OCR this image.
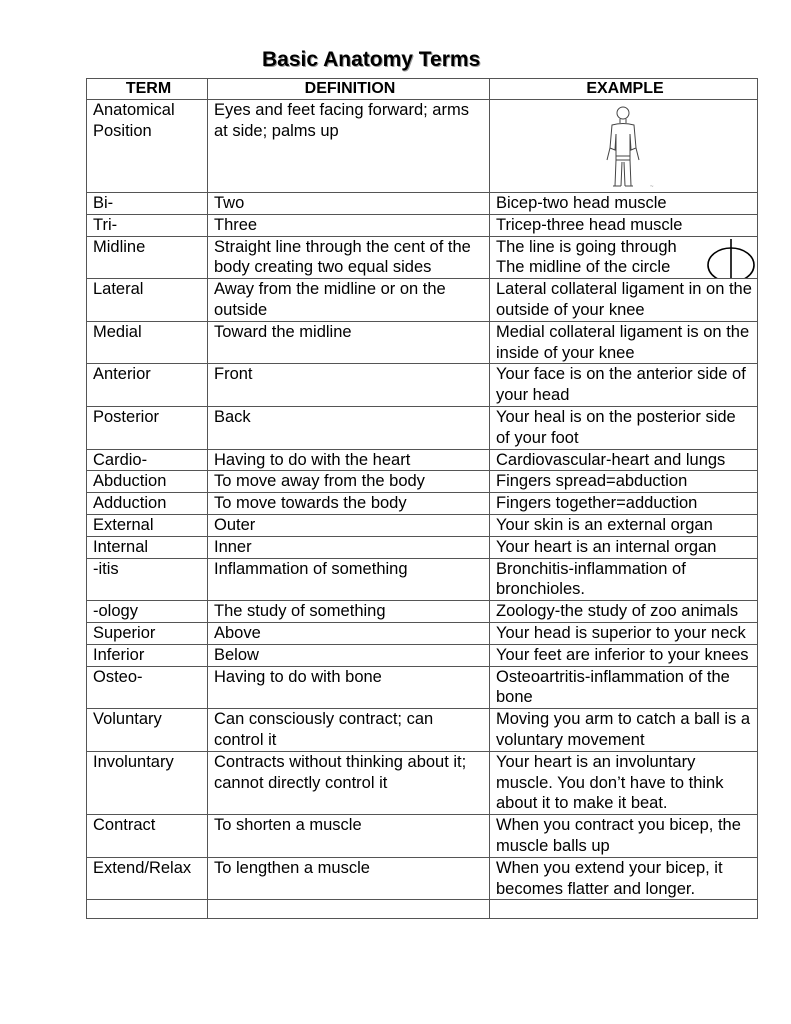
Basic Anatomy Terms
TERM	DEFINITION	EXAMPLE
Anatomical Position	Eyes and feet facing forward; arms at side; palms up	~

Bi-	Two	Bicep-two head muscle
Tri-	Three	Tricep-three head muscle
Midline	Straight line through the cent of the body creating two equal sides	The line is going through The midline of the circle

Lateral	Away from the midline or on the outside	Lateral collateral ligament in on the outside of your knee
Medial	Toward the midline	Medial collateral ligament is on the inside of your knee
Anterior	Front	Your face is on the anterior side of your head
Posterior	Back	Your heal is on the posterior side of your foot
Cardio-	Having to do with the heart	Cardiovascular-heart and lungs
Abduction	To move away from the body	Fingers spread=abduction
Adduction	To move towards the body	Fingers together=adduction
External	Outer	Your skin is an external organ
Internal	Inner	Your heart is an internal organ
-itis	Inflammation of something	Bronchitis-inflammation of bronchioles.
-ology	The study of something	Zoology-the study of zoo animals
Superior	Above	Your head is superior to your neck
Inferior	Below	Your feet are inferior to your knees
Osteo-	Having to do with bone	Osteoartritis-inflammation of the bone
Voluntary	Can consciously contract; can control it	Moving you arm to catch a ball is a voluntary movement
Involuntary	Contracts without thinking about it; cannot directly control it	Your heart is an involuntary muscle. You don’t have to think about it to make it beat.
Contract	To shorten a muscle	When you contract you bicep, the muscle balls up
Extend/Relax	To lengthen a muscle	When you extend your bicep, it becomes flatter and longer.
